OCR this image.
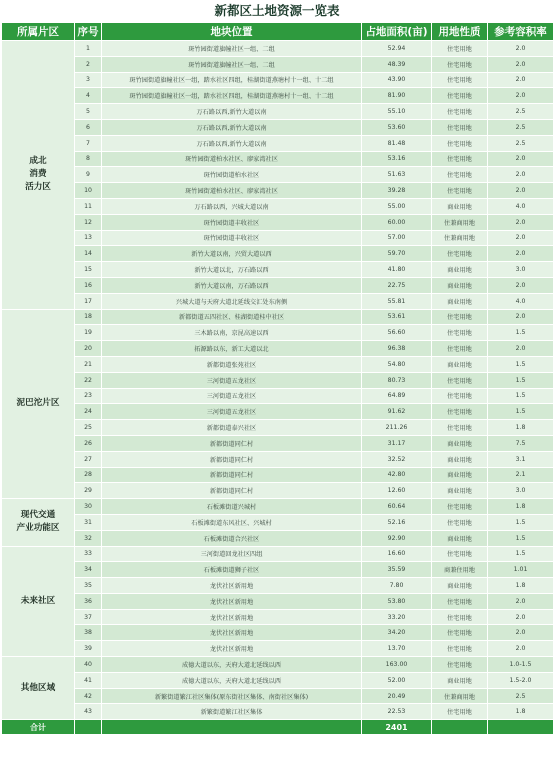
新都区土地资源一览表
所属片区	序号	地块位置	占地面积(亩)	用地性质	参考容积率
成北
消费
活力区	1	斑竹园街道旗幢社区一组、二组	52.94	住宅用地	2.0
	2	斑竹园街道旗幢社区一组、二组	48.39	住宅用地	2.0
	3	斑竹园街道旗幢社区一组，踏水社区四组，桂湖街道燕塘村十一组、十二组	43.90	住宅用地	2.0
	4	斑竹园街道旗幢社区一组，踏水社区四组，桂湖街道燕塘村十一组、十二组	81.90	住宅用地	2.0
	5	万石路以西,新竹大道以南	55.10	住宅用地	2.5
	6	万石路以西,新竹大道以南	53.60	住宅用地	2.5
	7	万石路以西,新竹大道以南	81.48	住宅用地	2.5
	8	斑竹园街道柏水社区、廖家湾社区	53.16	住宅用地	2.0
	9	斑竹园街道柏水社区	51.63	住宅用地	2.0
	10	斑竹园街道柏水社区、廖家湾社区	39.28	住宅用地	2.0
	11	万石路以西，兴城大道以南	55.00	商业用地	4.0
	12	斑竹园街道丰收社区	60.00	住兼商用地	2.0
	13	斑竹园街道丰收社区	57.00	住兼商用地	2.0
	14	新竹大道以南，兴贸大道以西	59.70	住宅用地	2.0
	15	新竹大道以北，万石路以西	41.80	商业用地	3.0
	16	新竹大道以南，万石路以西	22.75	商业用地	2.0
	17	兴城大道与天府大道北延线交汇处东南侧	55.81	商业用地	4.0
泥巴沱片区	18	新都街道五四社区、桂湖街道桂中社区	53.61	住宅用地	2.0
	19	三木路以南，京昆高速以西	56.60	住宅用地	1.5
	20	拓源路以东，新工大道以北	96.38	住宅用地	2.0
	21	新都街道张苑社区	54.80	商业用地	1.5
	22	三河街道五龙社区	80.73	住宅用地	1.5
	23	三河街道五龙社区	64.89	住宅用地	1.5
	24	三河街道五龙社区	91.62	住宅用地	1.5
	25	新都街道泰兴社区	211.26	住宅用地	1.8
	26	新都街道同仁村	31.17	商业用地	7.5
	27	新都街道同仁村	32.52	商业用地	3.1
	28	新都街道同仁村	42.80	商业用地	2.1
	29	新都街道同仁村	12.60	商业用地	3.0
现代交通
产业功能区	30	石板滩街道兴城村	60.64	住宅用地	1.8
	31	石板滩街道东风社区、兴城村	52.16	住宅用地	1.5
	32	石板滩街道合兴社区	92.90	商业用地	1.5
未来社区	33	三河街道回龙社区四组	16.60	住宅用地	1.5
	34	石板滩街道狮子社区	35.59	商兼住用地	1.01
	35	龙伏社区新用地	7.80	商业用地	1.8
	36	龙伏社区新用地	53.80	住宅用地	2.0
	37	龙伏社区新用地	33.20	住宅用地	2.0
	38	龙伏社区新用地	34.20	住宅用地	2.0
	39	龙伏社区新用地	13.70	住宅用地	2.0
其他区域	40	成德大道以东，天府大道北延线以西	163.00	住宅用地	1.0-1.5
	41	成德大道以东，天府大道北延线以西	52.00	商业用地	1.5-2.0
	42	新繁街道繁江社区集体(原东街社区集体、南街社区集体)	20.49	住兼商用地	2.5
	43	新繁街道繁江社区集体	22.53	住宅用地	1.8
合计			2401		
